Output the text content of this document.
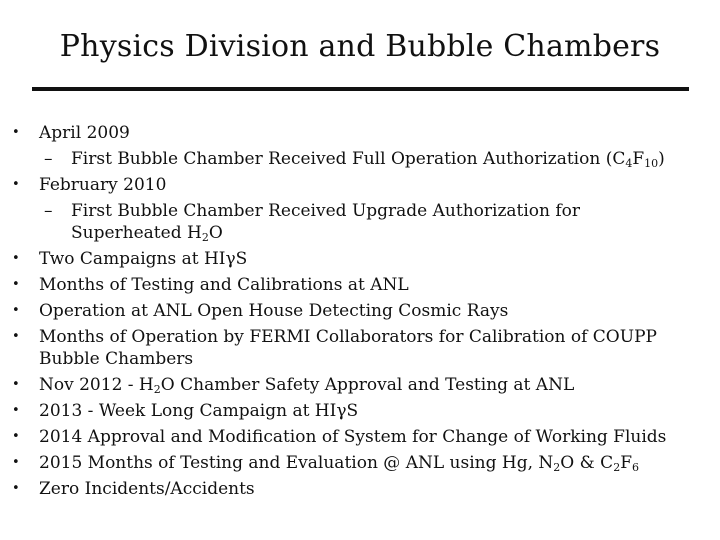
Physics Division and Bubble Chambers
• April 2009
– First Bubble Chamber Received Full Operation Authorization $(C_4F_{10})$
• February 2010
– First Bubble Chamber Received Upgrade Authorization for Superheated $H_2O$
• Two Campaigns at HIγS
• Months of Testing and Calibrations at ANL
• Operation at ANL Open House Detecting Cosmic Rays
• Months of Operation by FERMI Collaborators for Calibration of COUPP Bubble Chambers
• Nov $2012 - H_2O$ Chamber Safety Approval and Testing at ANL
• 2013 - Week Long Campaign at HIγS
• 2014 Approval and Modification of System for Change of Working Fluids
• 2015 Months of Testing and Evaluation @ ANL using Hg, $N_2O$ & $C_2F_6$
• Zero Incidents/Accidents
